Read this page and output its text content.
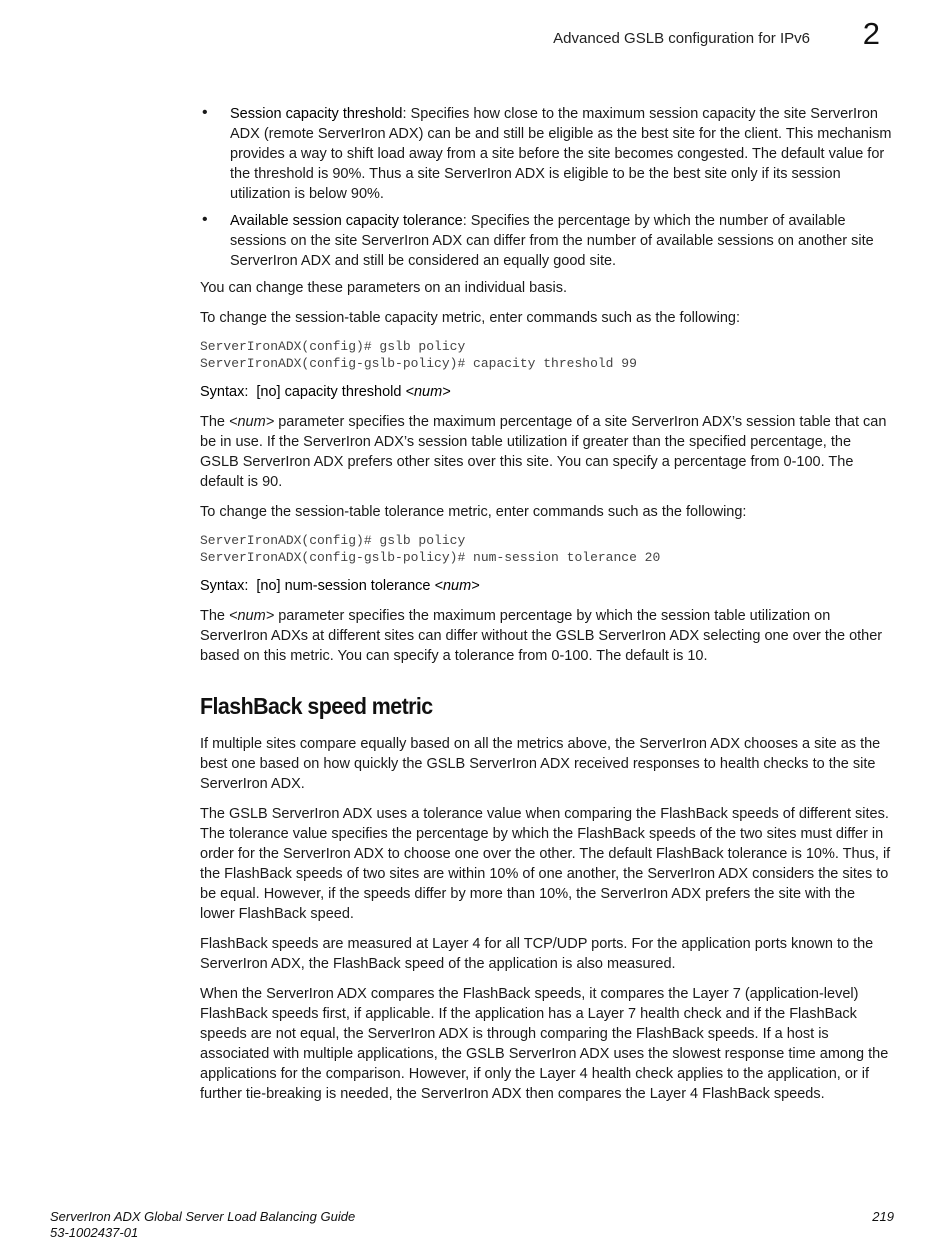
Advanced GSLB configuration for IPv6 2
• Session capacity threshold: Specifies how close to the maximum session capacity the site ServerIron ADX (remote ServerIron ADX) can be and still be eligible as the best site for the client. This mechanism provides a way to shift load away from a site before the site becomes congested. The default value for the threshold is 90%. Thus a site ServerIron ADX is eligible to be the best site only if its session utilization is below 90%.
• Available session capacity tolerance: Specifies the percentage by which the number of available sessions on the site ServerIron ADX can differ from the number of available sessions on another site ServerIron ADX and still be considered an equally good site.

You can change these parameters on an individual basis.

To change the session-table capacity metric, enter commands such as the following:

ServerIronADX(config)# gslb policy
ServerIronADX(config-gslb-policy)# capacity threshold 99
Syntax: [no] capacity threshold <num>

The <num> parameter specifies the maximum percentage of a site ServerIron ADX’s session table that can be in use. If the ServerIron ADX’s session table utilization if greater than the specified percentage, the GSLB ServerIron ADX prefers other sites over this site. You can specify a percentage from 0-100. The default is 90.

To change the session-table tolerance metric, enter commands such as the following:

ServerIronADX(config)# gslb policy
ServerIronADX(config-gslb-policy)# num-session tolerance 20
Syntax: [no] num-session tolerance <num>

The <num> parameter specifies the maximum percentage by which the session table utilization on ServerIron ADXs at different sites can differ without the GSLB ServerIron ADX selecting one over the other based on this metric. You can specify a tolerance from 0-100. The default is 10.

FlashBack speed metric

If multiple sites compare equally based on all the metrics above, the ServerIron ADX chooses a site as the best one based on how quickly the GSLB ServerIron ADX received responses to health checks to the site ServerIron ADX.

The GSLB ServerIron ADX uses a tolerance value when comparing the FlashBack speeds of different sites. The tolerance value specifies the percentage by which the FlashBack speeds of the two sites must differ in order for the ServerIron ADX to choose one over the other. The default FlashBack tolerance is 10%. Thus, if the FlashBack speeds of two sites are within 10% of one another, the ServerIron ADX considers the sites to be equal. However, if the speeds differ by more than 10%, the ServerIron ADX prefers the site with the lower FlashBack speed.

FlashBack speeds are measured at Layer 4 for all TCP/UDP ports. For the application ports known to the ServerIron ADX, the FlashBack speed of the application is also measured.

When the ServerIron ADX compares the FlashBack speeds, it compares the Layer 7 (application-level) FlashBack speeds first, if applicable. If the application has a Layer 7 health check and if the FlashBack speeds are not equal, the ServerIron ADX is through comparing the FlashBack speeds. If a host is associated with multiple applications, the GSLB ServerIron ADX uses the slowest response time among the applications for the comparison. However, if only the Layer 4 health check applies to the application, or if further tie-breaking is needed, the ServerIron ADX then compares the Layer 4 FlashBack speeds.

ServerIron ADX Global Server Load Balancing Guide
53-1002437-01
219
